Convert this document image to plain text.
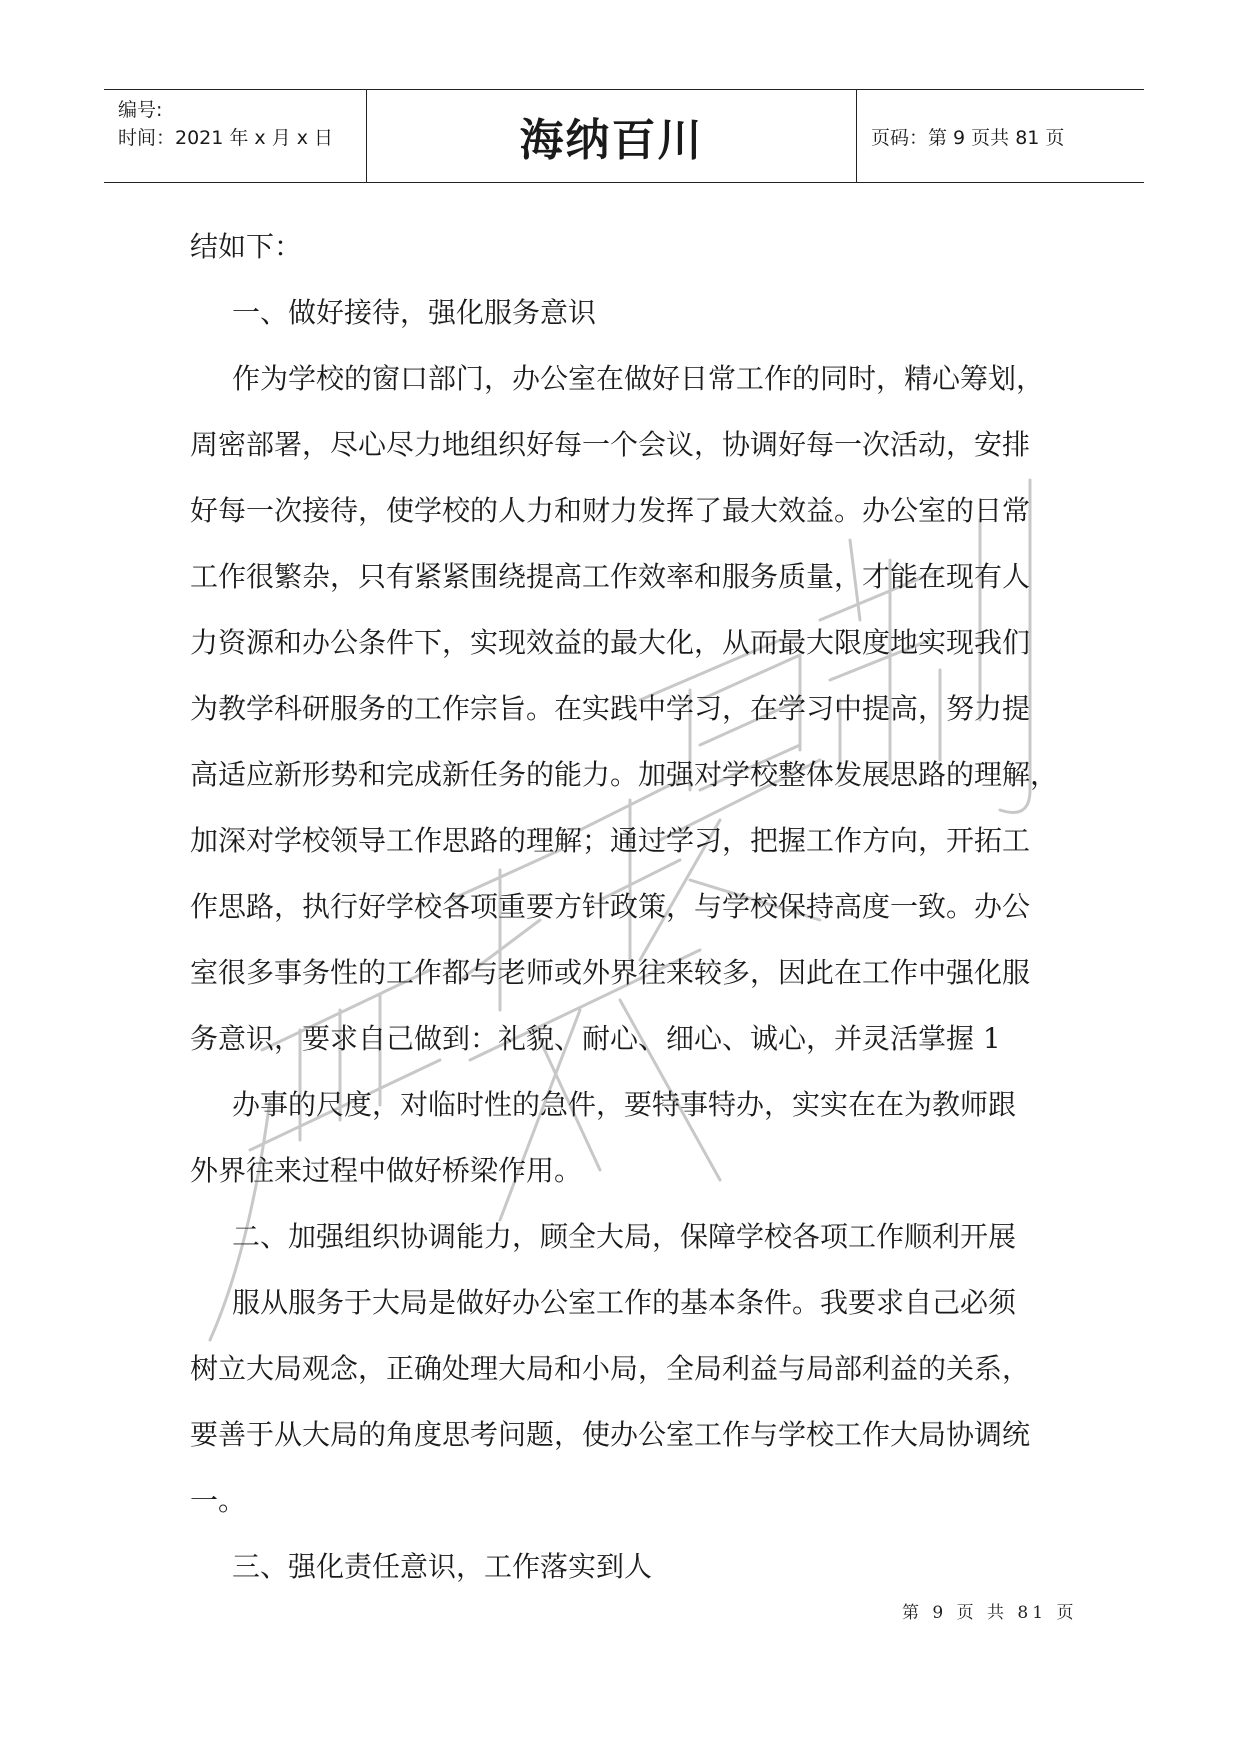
编号:
时间：2021 年 x 月 x 日	海纳百川	页码：第 9 页共 81 页
结如下：
一、做好接待，强化服务意识
作为学校的窗口部门，办公室在做好日常工作的同时，精心筹划，
周密部署，尽心尽力地组织好每一个会议，协调好每一次活动，安排
好每一次接待，使学校的人力和财力发挥了最大效益。办公室的日常
工作很繁杂，只有紧紧围绕提高工作效率和服务质量，才能在现有人
力资源和办公条件下，实现效益的最大化，从而最大限度地实现我们
为教学科研服务的工作宗旨。在实践中学习，在学习中提高，努力提
高适应新形势和完成新任务的能力。加强对学校整体发展思路的理解，
加深对学校领导工作思路的理解；通过学习，把握工作方向，开拓工
作思路，执行好学校各项重要方针政策，与学校保持高度一致。办公
室很多事务性的工作都与老师或外界往来较多，因此在工作中强化服
务意识，要求自己做到：礼貌、耐心、细心、诚心，并灵活掌握 1
办事的尺度，对临时性的急件，要特事特办，实实在在为教师跟
外界往来过程中做好桥梁作用。
二、加强组织协调能力，顾全大局，保障学校各项工作顺利开展
服从服务于大局是做好办公室工作的基本条件。我要求自己必须
树立大局观念，正确处理大局和小局，全局利益与局部利益的关系，
要善于从大局的角度思考问题，使办公室工作与学校工作大局协调统
一。
三、强化责任意识，工作落实到人
第 9 页 共 81 页
